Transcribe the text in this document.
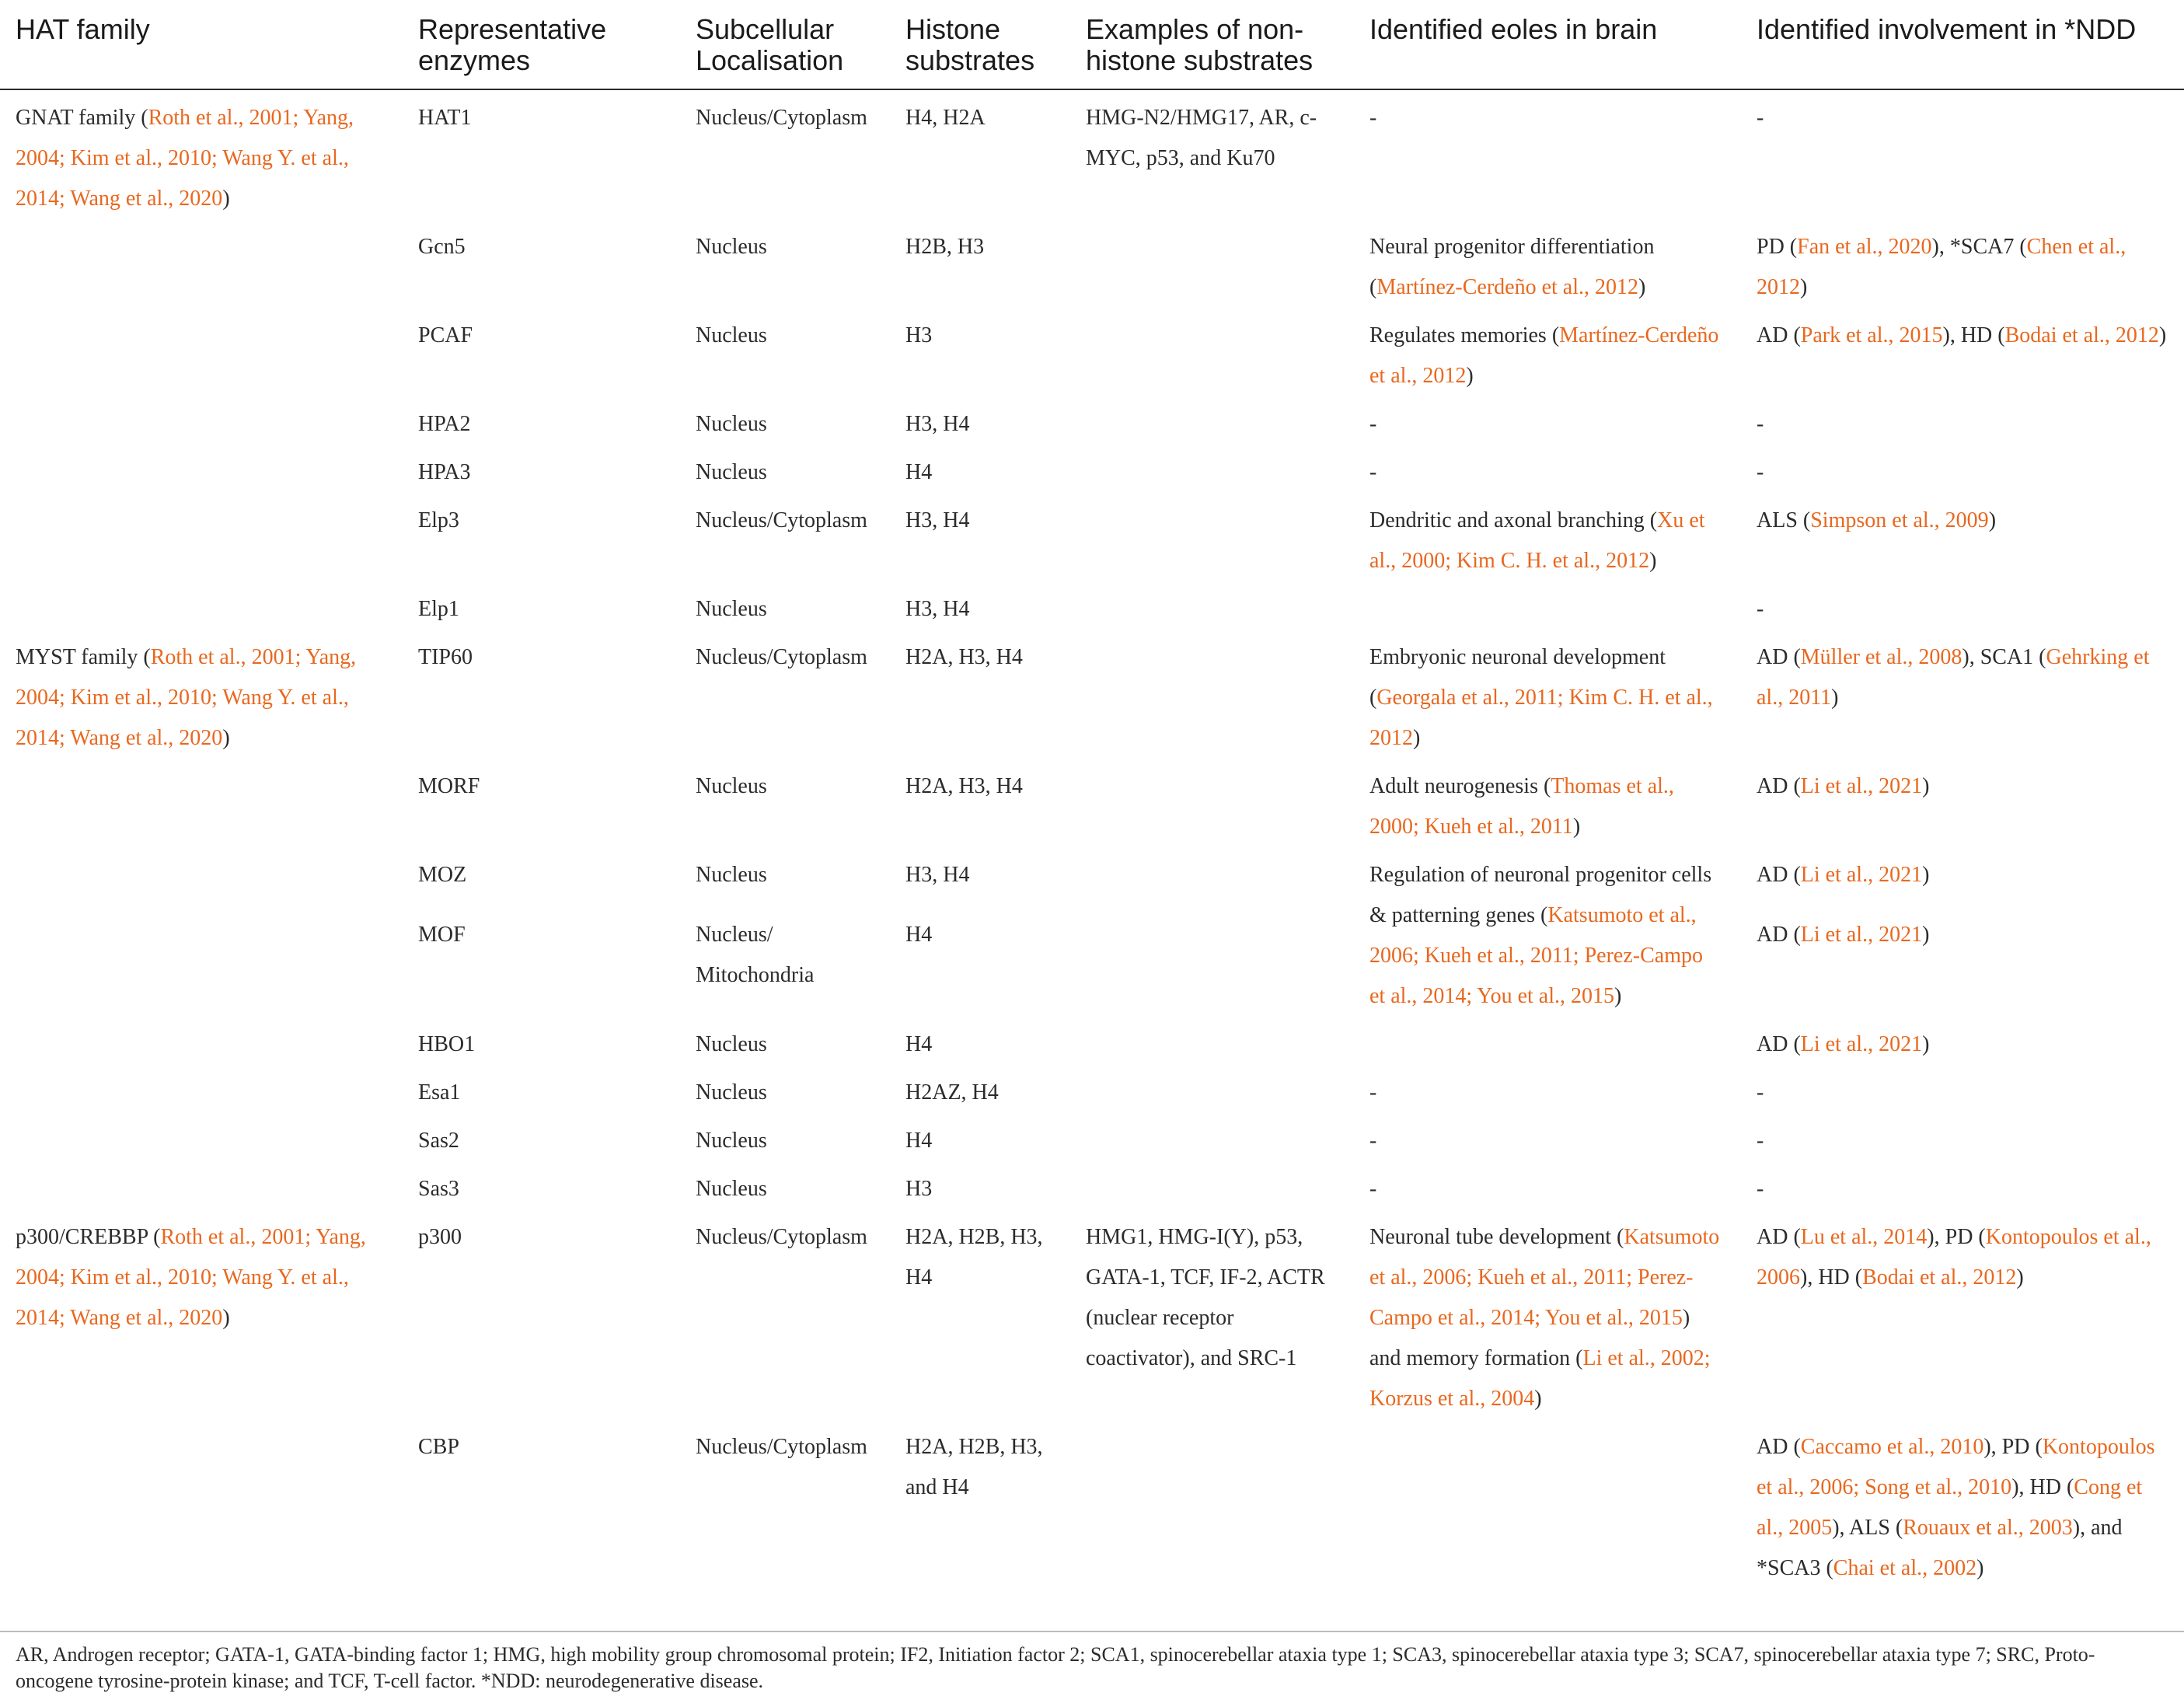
HAT family	Representative enzymes	Subcellular Localisation	Histone substrates	Examples of non-histone substrates	Identified eoles in brain	Identified involvement in *NDD
GNAT family (Roth et al., 2001; Yang, 2004; Kim et al., 2010; Wang Y. et al., 2014; Wang et al., 2020)	HAT1	Nucleus/Cytoplasm	H4, H2A	HMG-N2/HMG17, AR, c-MYC, p53, and Ku70	-	-
	Gcn5	Nucleus	H2B, H3		Neural progenitor differentiation (Martínez-Cerdeño et al., 2012)	PD (Fan et al., 2020), *SCA7 (Chen et al., 2012)
	PCAF	Nucleus	H3		Regulates memories (Martínez-Cerdeño et al., 2012)	AD (Park et al., 2015), HD (Bodai et al., 2012)
	HPA2	Nucleus	H3, H4		-	-
	HPA3	Nucleus	H4		-	-
	Elp3	Nucleus/Cytoplasm	H3, H4		Dendritic and axonal branching (Xu et al., 2000; Kim C. H. et al., 2012)	ALS (Simpson et al., 2009)
	Elp1	Nucleus	H3, H4			-
MYST family (Roth et al., 2001; Yang, 2004; Kim et al., 2010; Wang Y. et al., 2014; Wang et al., 2020)	TIP60	Nucleus/Cytoplasm	H2A, H3, H4		Embryonic neuronal development (Georgala et al., 2011; Kim C. H. et al., 2012)	AD (Müller et al., 2008), SCA1 (Gehrking et al., 2011)
	MORF	Nucleus	H2A, H3, H4		Adult neurogenesis (Thomas et al., 2000; Kueh et al., 2011)	AD (Li et al., 2021)
	MOZ	Nucleus	H3, H4		Regulation of neuronal progenitor cells & patterning genes (Katsumoto et al., 2006; Kueh et al., 2011; Perez-Campo et al., 2014; You et al., 2015)	AD (Li et al., 2021)
	MOF	Nucleus/ Mitochondria	H4			AD (Li et al., 2021)
	HBO1	Nucleus	H4			AD (Li et al., 2021)
	Esa1	Nucleus	H2AZ, H4		-	-
	Sas2	Nucleus	H4		-	-
	Sas3	Nucleus	H3		-	-
p300/CREBBP (Roth et al., 2001; Yang, 2004; Kim et al., 2010; Wang Y. et al., 2014; Wang et al., 2020)	p300	Nucleus/Cytoplasm	H2A, H2B, H3, H4	HMG1, HMG-I(Y), p53, GATA-1, TCF, IF-2, ACTR (nuclear receptor coactivator), and SRC-1	Neuronal tube development (Katsumoto et al., 2006; Kueh et al., 2011; Perez-Campo et al., 2014; You et al., 2015) and memory formation (Li et al., 2002; Korzus et al., 2004)	AD (Lu et al., 2014), PD (Kontopoulos et al., 2006), HD (Bodai et al., 2012)
	CBP	Nucleus/Cytoplasm	H2A, H2B, H3, and H4			AD (Caccamo et al., 2010), PD (Kontopoulos et al., 2006; Song et al., 2010), HD (Cong et al., 2005), ALS (Rouaux et al., 2003), and *SCA3 (Chai et al., 2002)
AR, Androgen receptor; GATA-1, GATA-binding factor 1; HMG, high mobility group chromosomal protein; IF2, Initiation factor 2; SCA1, spinocerebellar ataxia type 1; SCA3, spinocerebellar ataxia type 3; SCA7, spinocerebellar ataxia type 7; SRC, Proto-oncogene tyrosine-protein kinase; and TCF, T-cell factor. *NDD: neurodegenerative disease.
